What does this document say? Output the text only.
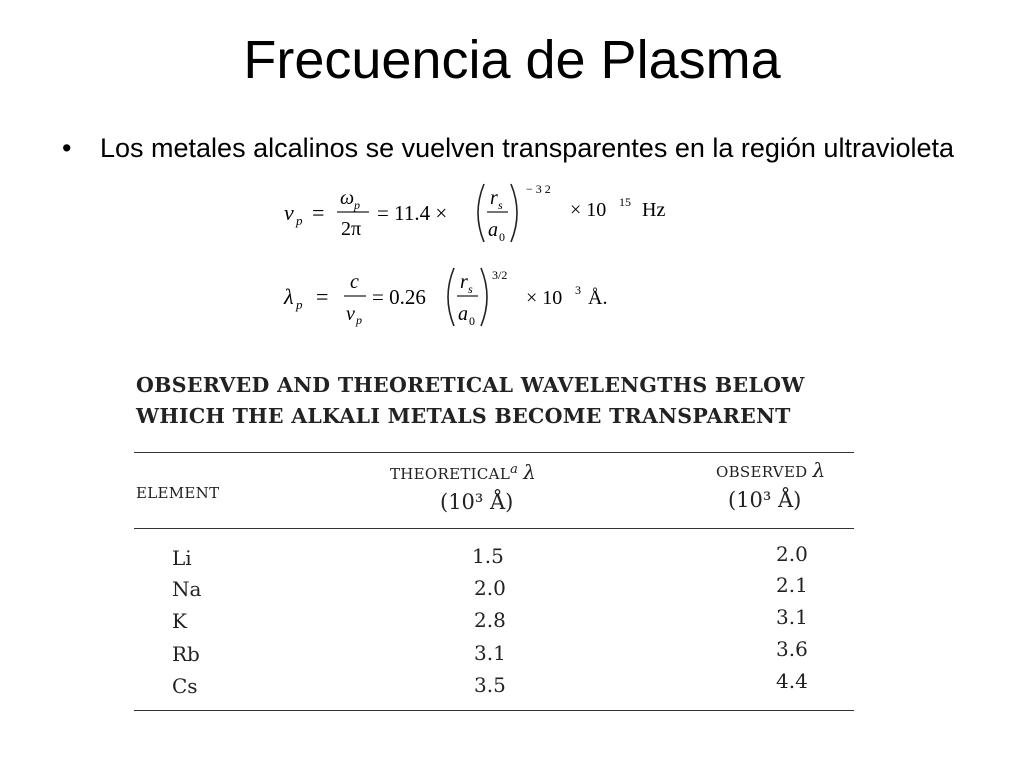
Frecuencia de Plasma
• Los metales alcalinos se vuelven transparentes en la región ultravioleta
ν p =
ω p
2π
= 11.4 ×
r s
a 0
− 3 2
× 10 15 Hz
λ p =
c
ν p
= 0.26
r s
a 0
3/2
× 10 3 Å.
OBSERVED AND THEORETICAL WAVELENGTHS BELOW
WHICH THE ALKALI METALS BECOME TRANSPARENT
ELEMENT
THEORETICAL$^a$ λ
(10³ Å)
OBSERVED λ
(10³ Å)
Li	1.5	2.0
Na	2.0	2.1
K	2.8	3.1
Rb	3.1	3.6
Cs	3.5	4.4
